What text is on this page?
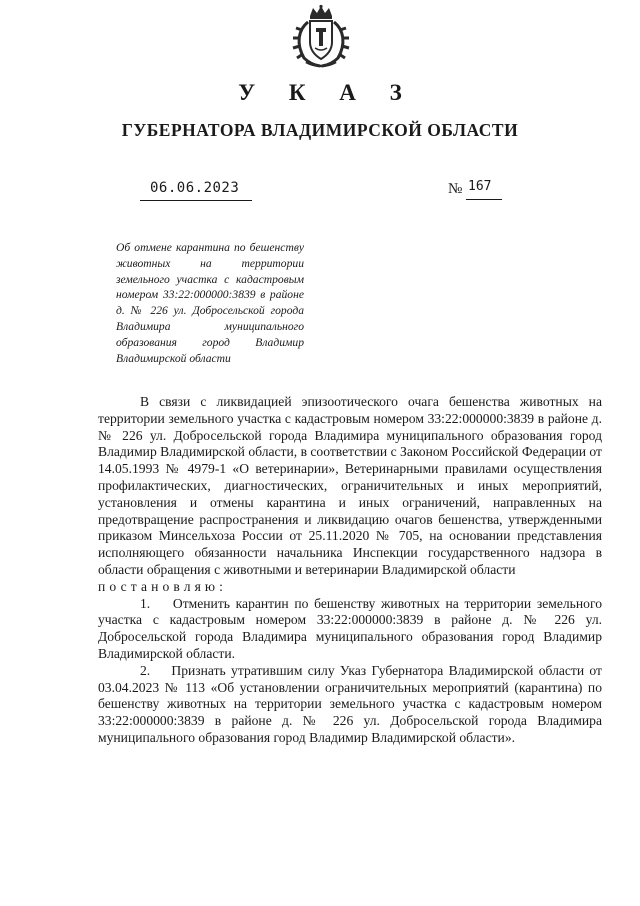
У К А З
ГУБЕРНАТОРА ВЛАДИМИРСКОЙ ОБЛАСТИ
06.06.2023	№ 167

Об отмене карантина по бешенству животных на территории земельного участка с кадастровым номером 33:22:000000:3839 в районе д. № 226 ул. Добросельской города Владимира муниципального образования город Владимир Владимирской области

В связи с ликвидацией эпизоотического очага бешенства животных на территории земельного участка с кадастровым номером 33:22:000000:3839 в районе д. № 226 ул. Добросельской города Владимира муниципального образования город Владимир Владимирской области, в соответствии с Законом Российской Федерации от 14.05.1993 № 4979-1 «О ветеринарии», Ветеринарными правилами осуществления профилактических, диагностических, ограничительных и иных мероприятий, установления и отмены карантина и иных ограничений, направленных на предотвращение распространения и ликвидацию очагов бешенства, утвержденными приказом Минсельхоза России от 25.11.2020 № 705, на основании представления исполняющего обязанности начальника Инспекции государственного надзора в области обращения с животными и ветеринарии Владимирской области

постановляю:

1.    Отменить карантин по бешенству животных на территории земельного участка с кадастровым номером 33:22:000000:3839 в районе д. № 226 ул. Добросельской города Владимира муниципального образования город Владимир Владимирской области.

2.    Признать утратившим силу Указ Губернатора Владимирской области от 03.04.2023 № 113 «Об установлении ограничительных мероприятий (карантина) по бешенству животных на территории земельного участка с кадастровым номером 33:22:000000:3839 в районе д. № 226 ул. Добросельской города Владимира муниципального образования город Владимир Владимирской области».
